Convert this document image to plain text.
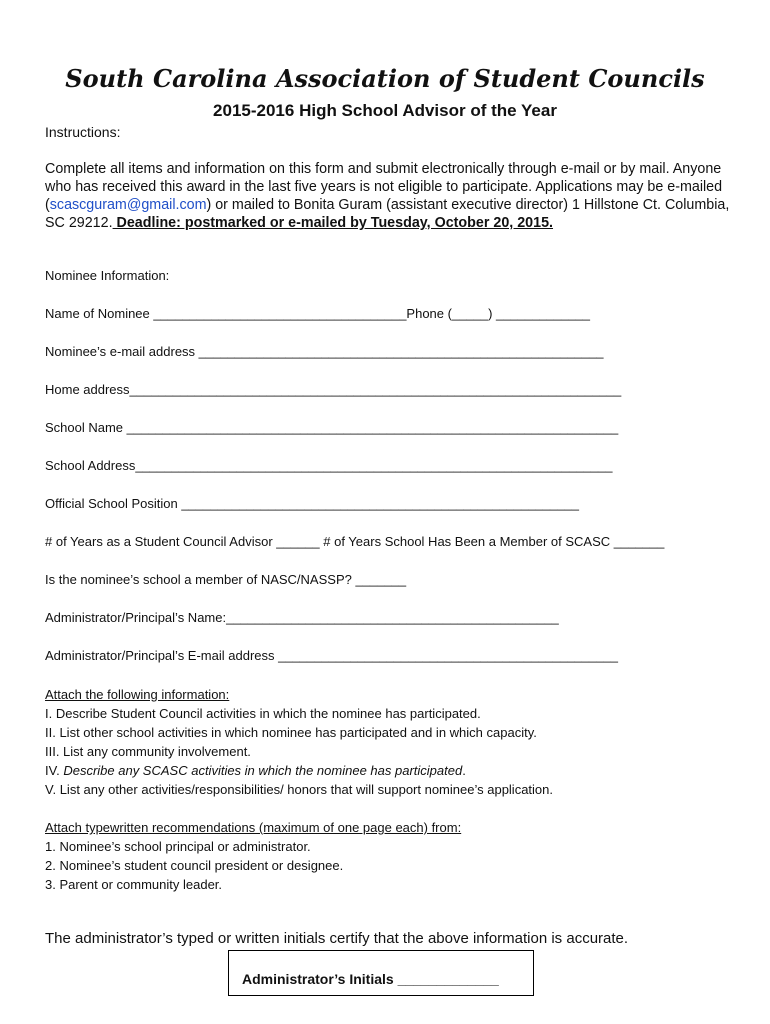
South Carolina Association of Student Councils
2015-2016 High School Advisor of the Year
Instructions:
Complete all items and information on this form and submit electronically through e-mail or by mail. Anyone who has received this award in the last five years is not eligible to participate. Applications may be e-mailed (scascguram@gmail.com) or mailed to Bonita Guram (assistant executive director) 1 Hillstone Ct. Columbia, SC 29212. Deadline: postmarked or e-mailed by Tuesday, October 20, 2015.
Nominee Information:
Name of Nominee ___________________________________Phone (_____) _____________
Nominee’s e-mail address ________________________________________________________
Home address____________________________________________________________________
School Name ____________________________________________________________________
School Address__________________________________________________________________
Official School Position _______________________________________________________
# of Years as a Student Council Advisor ______ # of Years School Has Been a Member of SCASC _______
Is the nominee’s school a member of NASC/NASSP? _______
Administrator/Principal’s Name:______________________________________________
Administrator/Principal’s E-mail address _______________________________________________
Attach the following information:
I. Describe Student Council activities in which the nominee has participated.
II. List other school activities in which nominee has participated and in which capacity.
III. List any community involvement.
IV. Describe any SCASC activities in which the nominee has participated.
V. List any other activities/responsibilities/ honors that will support nominee’s application.
Attach typewritten recommendations (maximum of one page each) from:
1. Nominee’s school principal or administrator.
2. Nominee’s student council president or designee.
3. Parent or community leader.
The administrator’s typed or written initials certify that the above information is accurate.
Administrator’s Initials _____________
